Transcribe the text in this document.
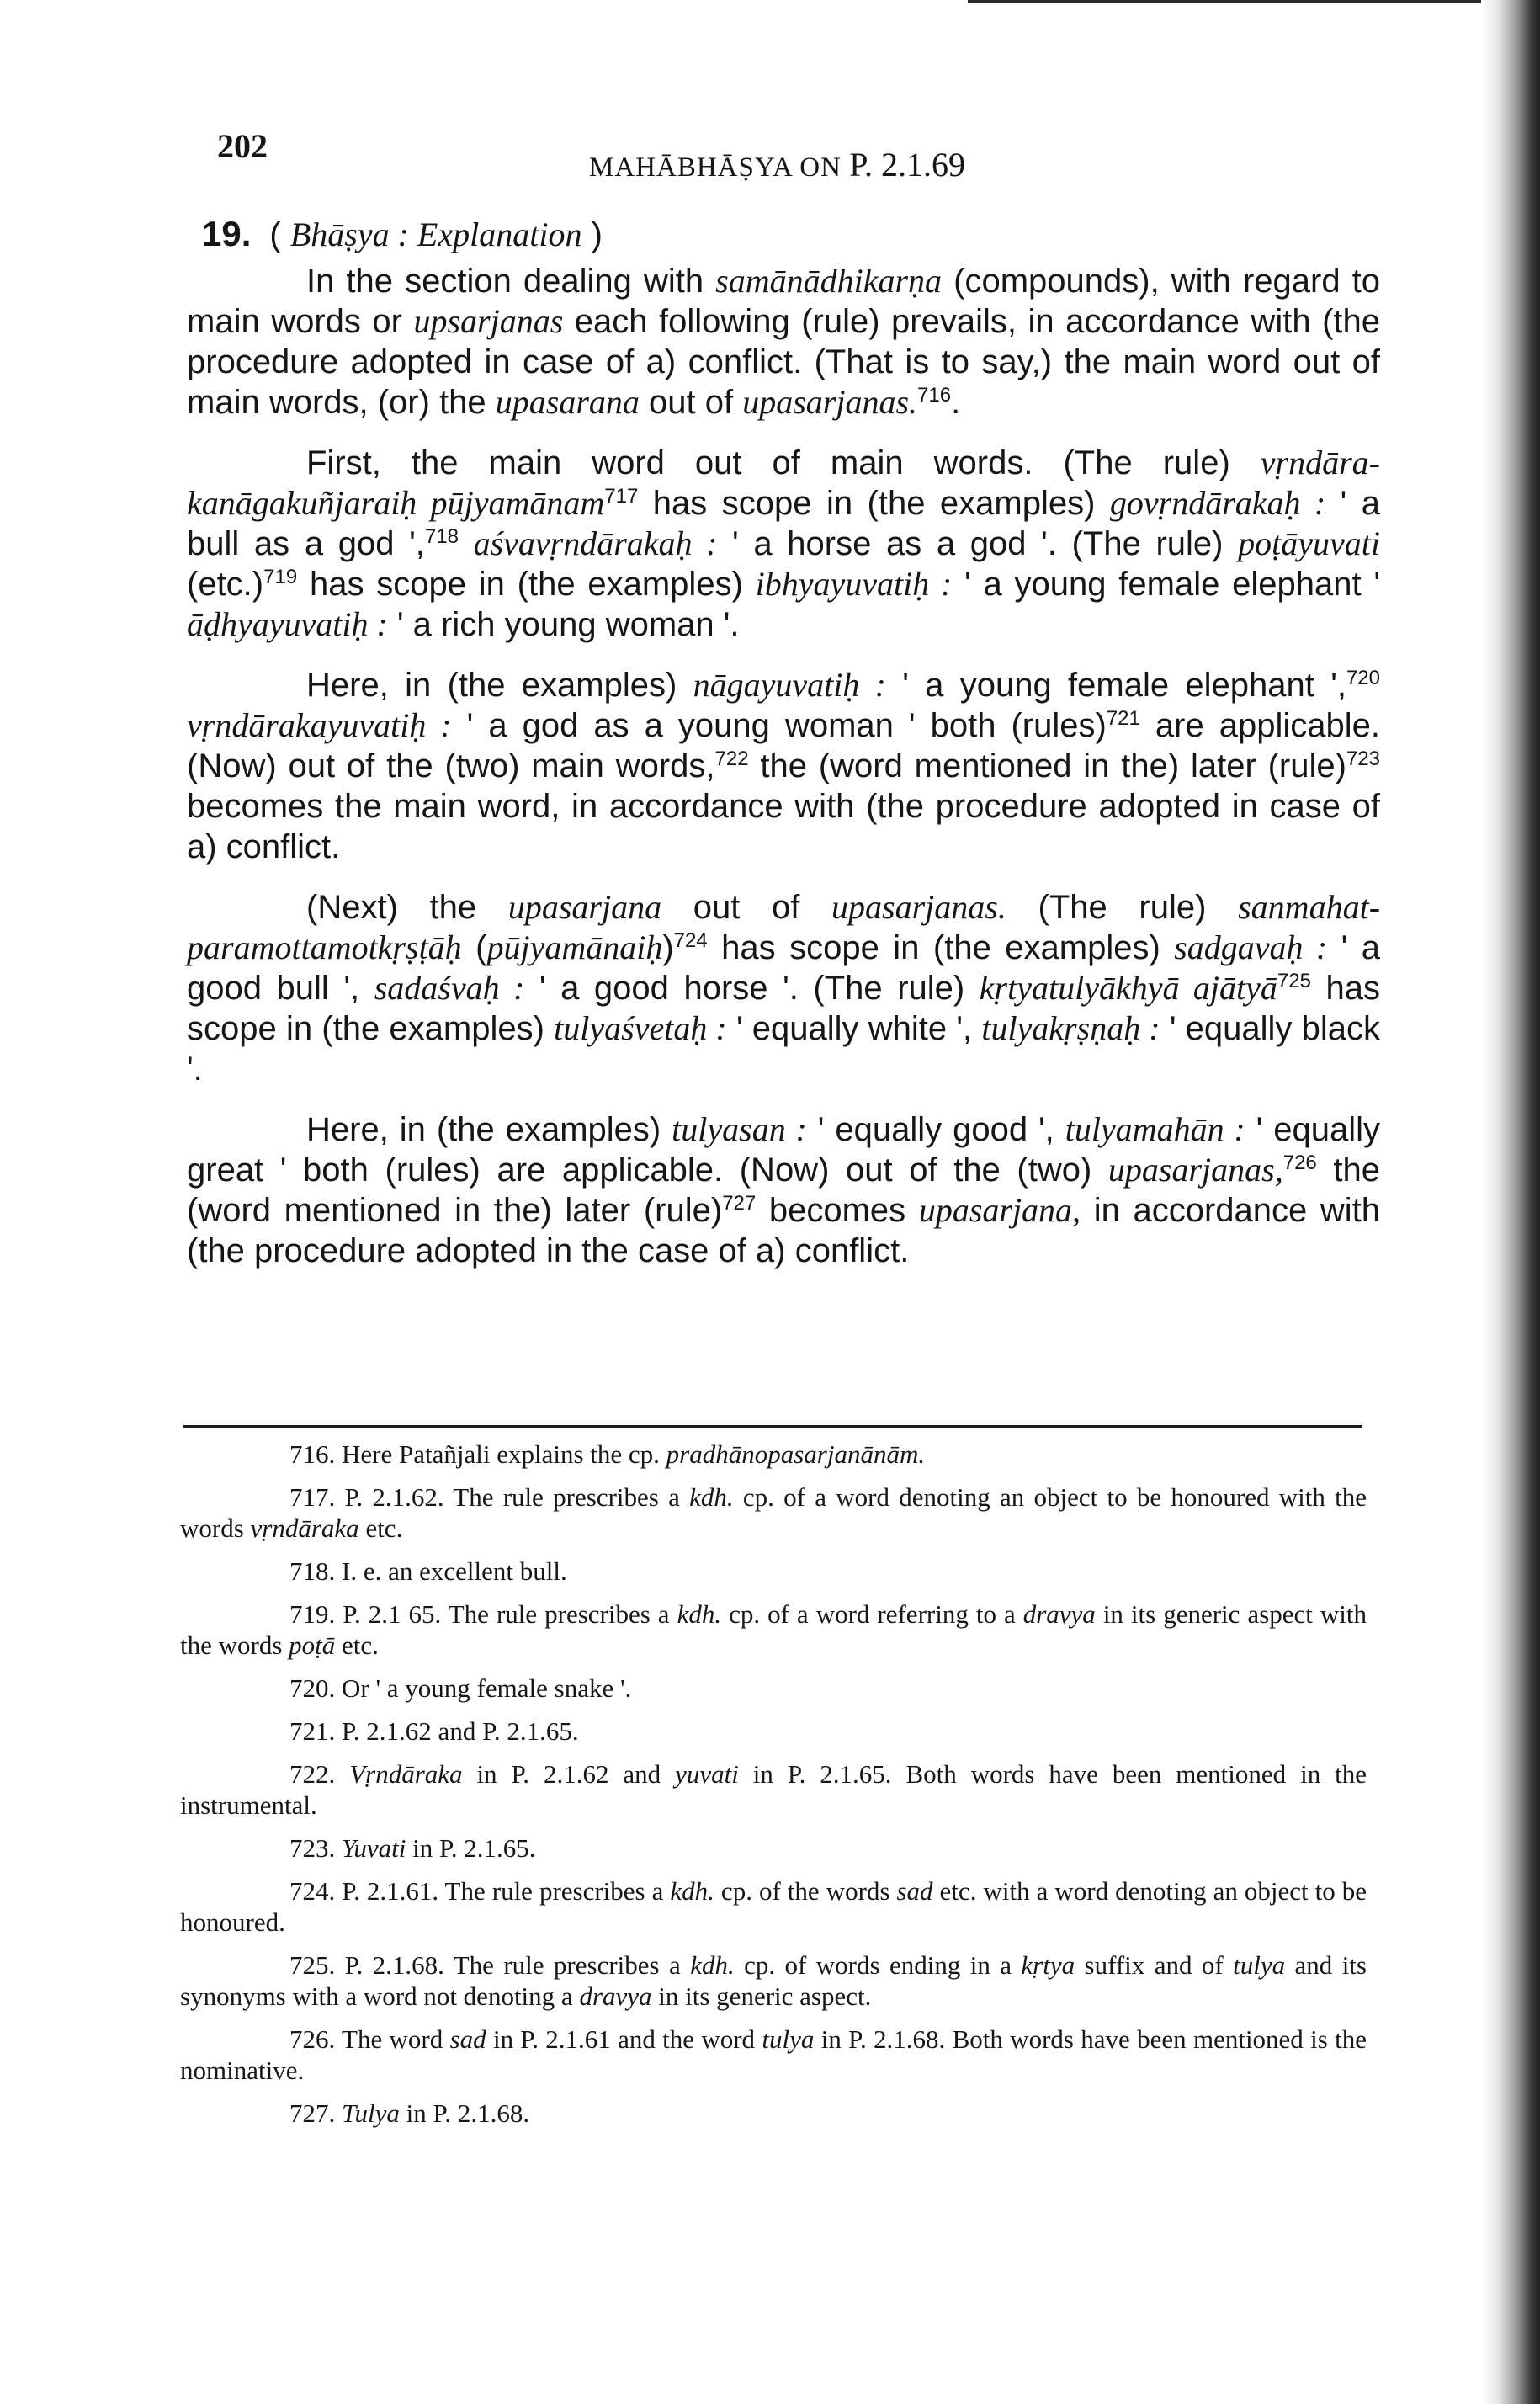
202
MAHĀBHĀṢYA ON P. 2.1.69
19. ( Bhāṣya : Explanation )

In the section dealing with samānādhikarṇa (compounds), with regard to main words or upsarjanas each following (rule) prevails, in accordance with (the procedure adopted in case of a) conflict. (That is to say,) the main word out of main words, (or) the upasarana out of upasarjanas.$^{716}$.

First, the main word out of main words. (The rule) vṛndārakanāgakuñjaraiḥ pūjyamānam$^{717}$ has scope in (the examples) govṛndārakaḥ : ' a bull as a god ',$^{718}$ aśvavṛndārakaḥ : ' a horse as a god '. (The rule) poṭāyuvati $(etc.)^{719}$ has scope in (the examples) ibhyayuvatiḥ : ' a young female elephant ' āḍhyayuvatiḥ : ' a rich young woman '.

Here, in (the examples) nāgayuvatiḥ : ' a young female elephant ',$^{720}$ vṛndārakayuvatiḥ : ' a god as a young woman ' both (rules)$^{721}$ are applicable. (Now) out of the (two) main words,$^{722}$ the (word mentioned in the) later (rule)$^{723}$ becomes the main word, in accordance with (the procedure adopted in case of a) conflict.

(Next) the upasarjana out of upasarjanas. (The rule) sanmahatparamottamotkṛṣṭāḥ (pūjyamānaiḥ)$^{724}$ has scope in (the examples) sadgavaḥ : ' a good bull ', sadaśvaḥ : ' a good horse '. (The rule) kṛtyatulyākhyā ajātyā$^{725}$ has scope in (the examples) tulyaśvetaḥ : ' equally white ', tulyakṛṣṇaḥ : ' equally black '.

Here, in (the examples) tulyasan : ' equally good ', tulyamahān : ' equally great ' both (rules) are applicable. (Now) out of the (two) upasarjanas,$^{726}$ the (word mentioned in the) later (rule)$^{727}$ becomes upasarjana, in accordance with (the procedure adopted in the case of a) conflict.

716. Here Patañjali explains the cp. pradhānopasarjanānām.

717. P. 2.1.62. The rule prescribes a kdh. cp. of a word denoting an object to be honoured with the words vṛndāraka etc.

718. I. e. an excellent bull.

719. P. 2.1 65. The rule prescribes a kdh. cp. of a word referring to a dravya in its generic aspect with the words poṭā etc.

720. Or ' a young female snake '.

721. P. 2.1.62 and P. 2.1.65.

722. Vṛndāraka in P. 2.1.62 and yuvati in P. 2.1.65. Both words have been mentioned in the instrumental.

723. Yuvati in P. 2.1.65.

724. P. 2.1.61. The rule prescribes a kdh. cp. of the words sad etc. with a word denoting an object to be honoured.

725. P. 2.1.68. The rule prescribes a kdh. cp. of words ending in a kṛtya suffix and of tulya and its synonyms with a word not denoting a dravya in its generic aspect.

726. The word sad in P. 2.1.61 and the word tulya in P. 2.1.68. Both words have been mentioned is the nominative.

727. Tulya in P. 2.1.68.
